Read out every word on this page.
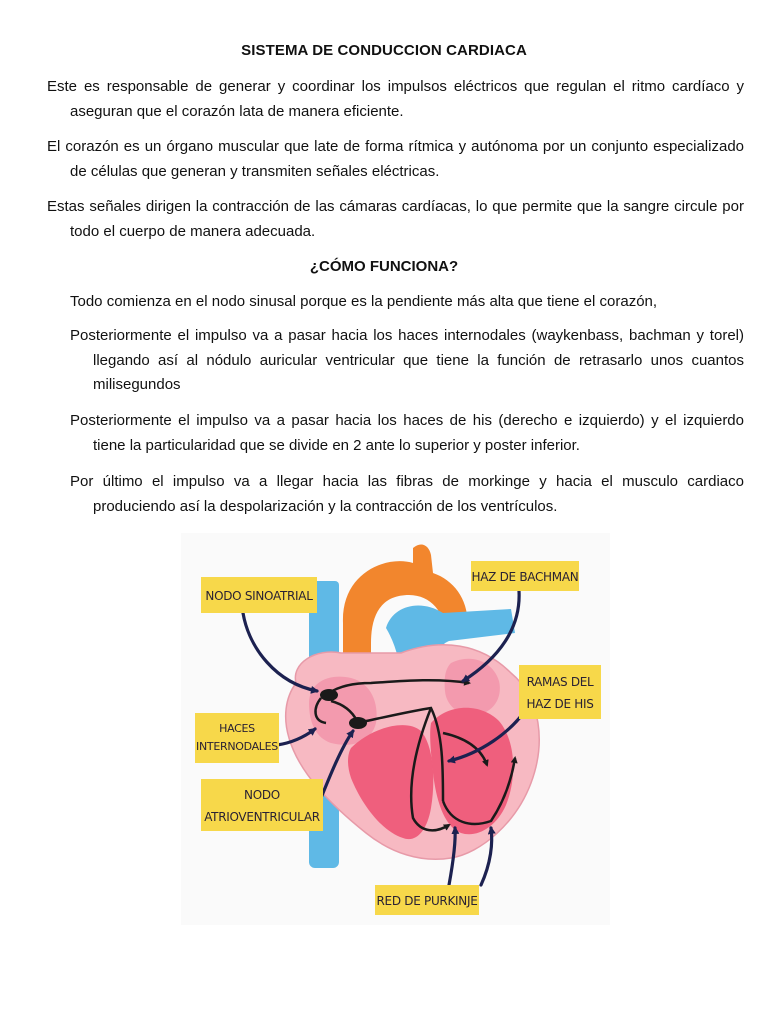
SISTEMA DE CONDUCCION CARDIACA
Este es responsable de generar y coordinar los impulsos eléctricos que regulan el ritmo cardíaco y aseguran que el corazón lata de manera eficiente.
El corazón es un órgano muscular que late de forma rítmica y autónoma por un conjunto especializado de células que generan y transmiten señales eléctricas.
Estas señales dirigen la contracción de las cámaras cardíacas, lo que permite que la sangre circule por todo el cuerpo de manera adecuada.
¿CÓMO FUNCIONA?
Todo comienza en el nodo sinusal porque es la pendiente más alta que tiene el corazón,
Posteriormente el impulso va a pasar hacia los haces internodales (waykenbass, bachman y torel) llegando así al nódulo auricular ventricular que tiene la función de retrasarlo unos cuantos milisegundos
Posteriormente el impulso va a pasar hacia los haces de his (derecho e izquierdo) y el izquierdo tiene la particularidad que se divide en 2 ante lo superior y poster inferior.
Por último el impulso va a llegar hacia las fibras de morkinge y hacia el musculo cardiaco produciendo así la despolarización y la contracción de los ventrículos.
NODO SINOATRIAL
HAZ DE BACHMAN
RAMAS DEL
HAZ DE HIS
HACES
INTERNODALES
NODO
ATRIOVENTRICULAR
RED DE PURKINJE
